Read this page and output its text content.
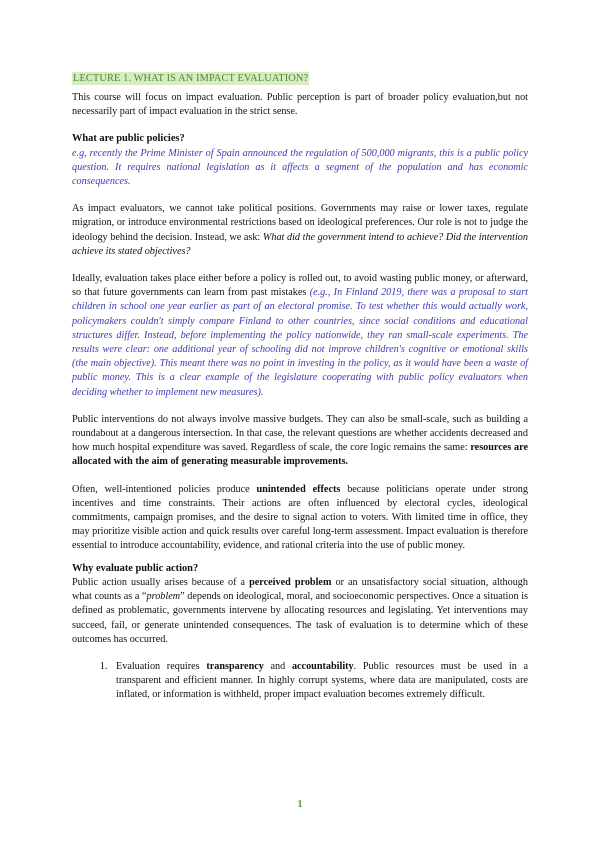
LECTURE 1. WHAT IS AN IMPACT EVALUATION?

This course will focus on impact evaluation. Public perception is part of broader policy evaluation,but not necessarily part of impact evaluation in the strict sense.

What are public policies?

e.g, recently the Prime Minister of Spain announced the regulation of 500,000 migrants, this is a public policy question. It requires national legislation as it affects a segment of the population and has economic consequences.

As impact evaluators, we cannot take political positions. Governments may raise or lower taxes, regulate migration, or introduce environmental restrictions based on ideological preferences. Our role is not to judge the ideology behind the decision. Instead, we ask: What did the government intend to achieve? Did the intervention achieve its stated objectives?

Ideally, evaluation takes place either before a policy is rolled out, to avoid wasting public money, or afterward, so that future governments can learn from past mistakes (e.g., In Finland 2019, there was a proposal to start children in school one year earlier as part of an electoral promise. To test whether this would actually work, policymakers couldn't simply compare Finland to other countries, since social conditions and educational structures differ. Instead, before implementing the policy nationwide, they ran small-scale experiments. The results were clear: one additional year of schooling did not improve children's cognitive or emotional skills (the main objective). This meant there was no point in investing in the policy, as it would have been a waste of public money. This is a clear example of the legislature cooperating with public policy evaluators when deciding whether to implement new measures).

Public interventions do not always involve massive budgets. They can also be small-scale, such as building a roundabout at a dangerous intersection. In that case, the relevant questions are whether accidents decreased and how much hospital expenditure was saved. Regardless of scale, the core logic remains the same: resources are allocated with the aim of generating measurable improvements.

Often, well-intentioned policies produce unintended effects because politicians operate under strong incentives and time constraints. Their actions are often influenced by electoral cycles, ideological commitments, campaign promises, and the desire to signal action to voters. With limited time in office, they may prioritize visible action and quick results over careful long-term assessment. Impact evaluation is therefore essential to introduce accountability, evidence, and rational criteria into the use of public money.

Why evaluate public action?

Public action usually arises because of a perceived problem or an unsatisfactory social situation, although what counts as a “problem” depends on ideological, moral, and socioeconomic perspectives. Once a situation is defined as problematic, governments intervene by allocating resources and legislating. Yet interventions may succeed, fail, or generate unintended consequences. The task of evaluation is to determine which of these outcomes has occurred.

1. Evaluation requires transparency and accountability. Public resources must be used in a transparent and efficient manner. In highly corrupt systems, where data are manipulated, costs are inflated, or information is withheld, proper impact evaluation becomes extremely difficult.
1
